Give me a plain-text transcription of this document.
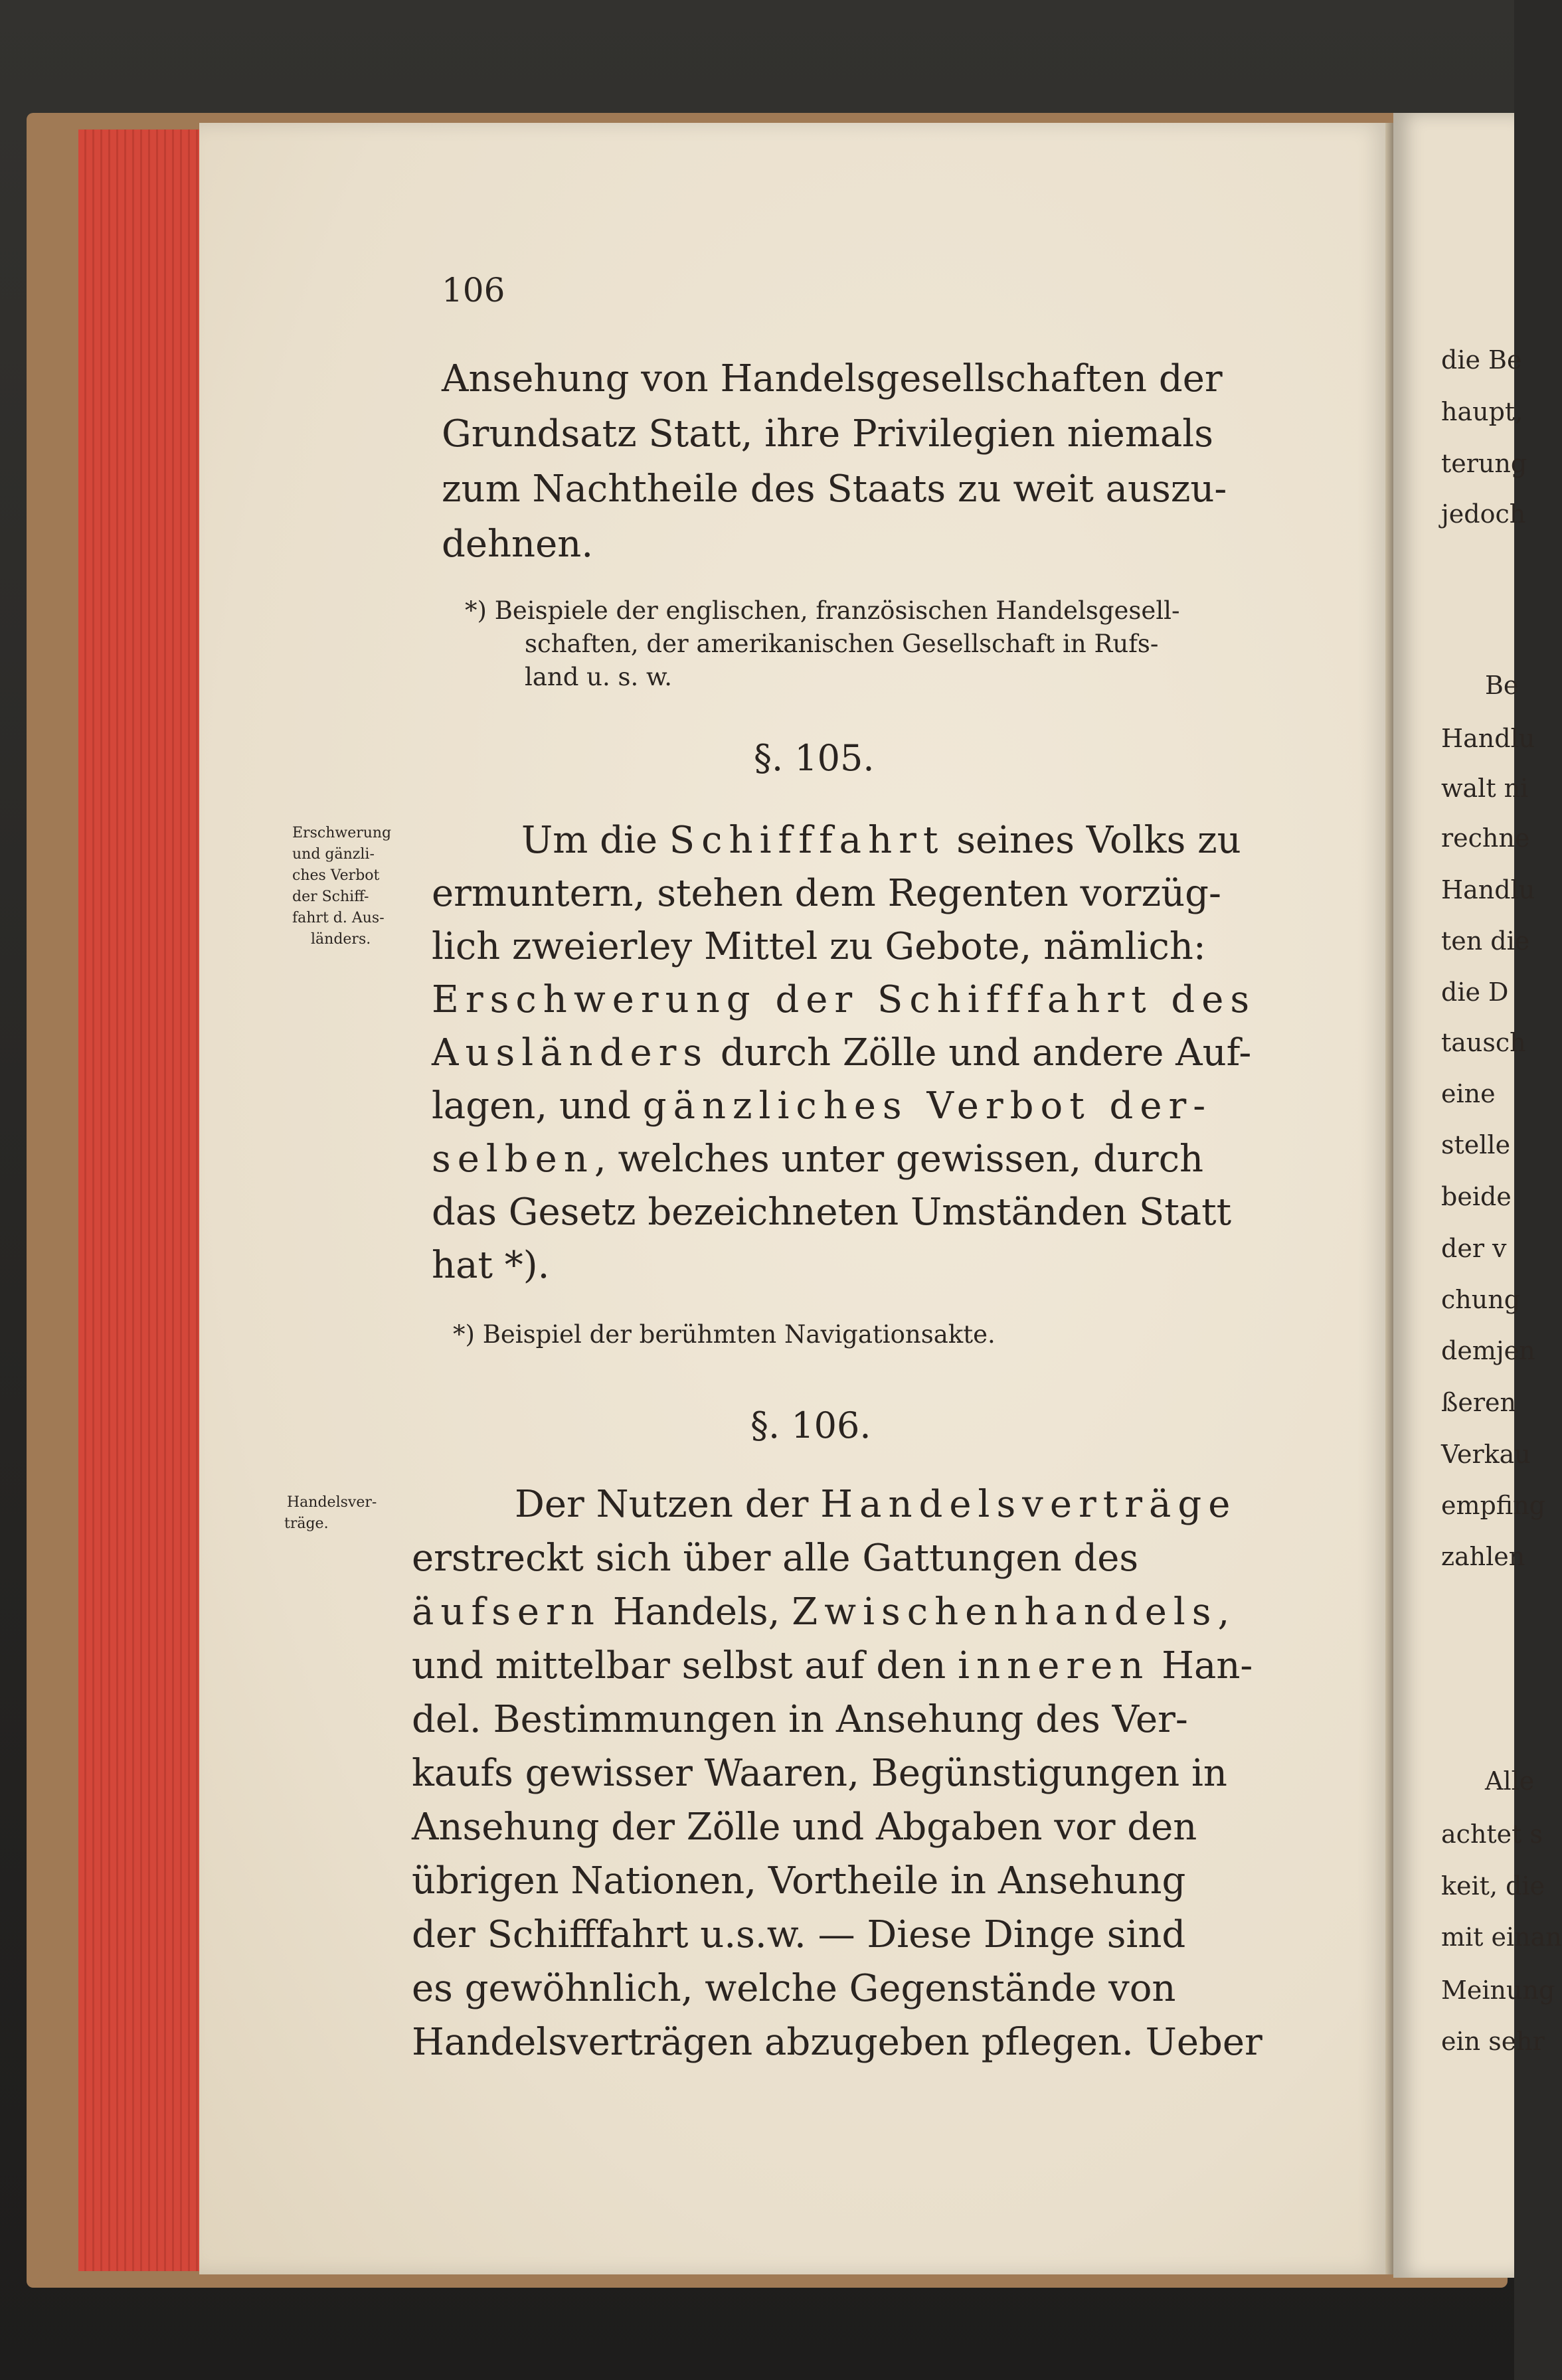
die Be
haupt,
terung
jedoch
Be
Handlu
walt ni
rechne
Handlu
ten die
die D
tausch
eine
stelle
beide
der v
chung
demjen
ßeren
Verkau
empfing
zahlen
Alle
achtet s
keit, die
mit einan
Meinung
ein sehr

106

Ansehung von Handelsgesellschaften der

Grundsatz Statt, ihre Privilegien niemals

zum Nachtheile des Staats zu weit auszu-

dehnen.

*) Beispiele der englischen, französischen Handelsgesell-

schaften, der amerikanischen Gesellschaft in Rufs-

land u. s. w.

§. 105.

Erschwerung

und gänzli-

ches Verbot

der Schiff-

fahrt d. Aus-

länders.

Um die Schifffahrt seines Volks zu

ermuntern, stehen dem Regenten vorzüg-

lich zweierley Mittel zu Gebote, nämlich:

Erschwerung der Schifffahrt des

Ausländers durch Zölle und andere Auf-

lagen, und gänzliches Verbot der-

selben, welches unter gewissen, durch

das Gesetz bezeichneten Umständen Statt

hat *).

*) Beispiel der berühmten Navigationsakte.

§. 106.

Handelsver-

träge.	Der Nutzen der Handelsverträge

erstreckt sich über alle Gattungen des

äufsern Handels, Zwischenhandels,

und mittelbar selbst auf den inneren Han-

del. Bestimmungen in Ansehung des Ver-

kaufs gewisser Waaren, Begünstigungen in

Ansehung der Zölle und Abgaben vor den

übrigen Nationen, Vortheile in Ansehung

der Schifffahrt u.s.w. — Diese Dinge sind

es gewöhnlich, welche Gegenstände von

Handelsverträgen abzugeben pflegen. Ueber
